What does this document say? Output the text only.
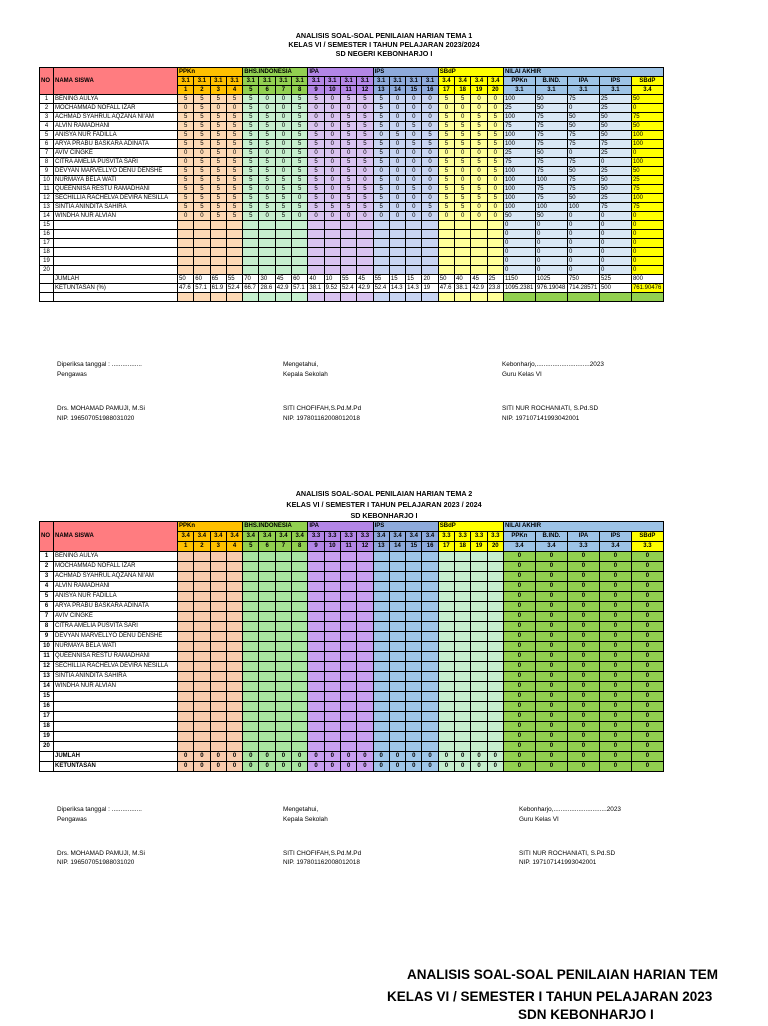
ANALISIS SOAL-SOAL PENILAIAN HARIAN TEMA 1
KELAS VI / SEMESTER I TAHUN PELAJARAN 2023/2024
SD NEGERI KEBONHARJO I
NO	NAMA SISWA	PPKn				BHS.INDONESIA				IPA				IPS				SBdP				NILAI AKHIR				
		3.1	3.1	3.1	3.1	3.1	3.1	3.1	3.1	3.1	3.1	3.1	3.1	3.1	3.1	3.1	3.1	3.4	3.4	3.4	3.4	PPKn	B.IND.	IPA	IPS	SBdP
		1	2	3	4	5	6	7	8	9	10	11	12	13	14	15	16	17	18	19	20	3.1	3.1	3.1	3.1	3.4
1	BENING AULYA	5	5	5	5	5	0	0	5	5	0	5	5	5	0	0	0	5	5	0	0	100	50	75	25	50
2	MOCHAMMAD NOFALL IZAR	0	5	0	0	5	0	0	5	0	0	0	0	5	0	0	0	0	0	0	0	25	50	0	25	0
3	ACHMAD SYAHRUL AQZANA NI'AM	5	5	5	5	5	5	0	5	0	0	5	5	5	0	0	0	5	0	5	5	100	75	50	50	75
4	ALVIN RAMADHANI	5	5	5	5	5	5	0	5	0	0	5	5	5	0	5	0	5	5	5	0	75	75	50	50	50
5	ANISYA NUR FADILLA	5	5	5	5	5	5	0	5	5	0	5	5	0	5	0	5	5	5	5	5	100	75	75	50	100
6	ARYA PRABU BASKARA ADINATA	5	5	5	5	5	5	0	5	5	0	5	5	5	0	5	5	5	5	5	5	100	75	75	75	100
7	AVIV CINGKE	0	0	5	0	5	0	0	5	0	0	0	0	5	0	0	0	0	0	0	0	25	50	0	25	0
8	CITRA AMELIA PUSVITA SARI	0	5	5	5	5	5	0	5	5	0	5	5	5	0	0	0	5	5	5	5	75	75	75	0	100
9	DEVYAN MARVELLYO DENU DENSHE	5	5	5	5	5	5	0	5	5	0	5	0	0	0	0	0	5	0	0	5	100	75	50	25	50
10	NURMAYA BELA WATI	5	5	5	5	5	5	5	5	5	0	5	0	5	0	0	0	5	0	0	0	100	100	75	50	25
11	QUEENNISA RESTU RAMADHANI	5	5	5	5	5	0	5	5	5	0	5	5	5	0	5	0	5	5	5	0	100	75	75	50	75
12	SECHILLIA RACHELVA DEVIRA NESILLA	5	5	5	5	5	5	5	0	5	0	5	5	5	0	0	0	5	5	5	5	100	75	50	25	100
13	SINTIA ANINDITA SAHIRA	5	5	5	5	5	5	5	5	5	5	5	5	5	0	0	5	5	5	0	0	100	100	100	75	75
14	WINDHA NUR ALVIAN	0	0	5	5	5	0	5	0	0	0	0	0	0	0	0	0	0	0	0	0	50	50	0	0	0
15																						0	0	0	0	0
16																						0	0	0	0	0
17																						0	0	0	0	0
18																						0	0	0	0	0
19																						0	0	0	0	0
20																						0	0	0	0	0
	JUMLAH	50	60	65	55	70	30	45	60	40	10	55	45	55	15	15	20	50	40	45	25	1150	1025	750	525	800
	KETUNTASAN (%)	47.6	57.1	61.9	52.4	66.7	28.6	42.9	57.1	38.1	9.52	52.4	42.9	52.4	14.3	14.3	19	47.6	38.1	42.9	23.8	1095.2381	976.19048	714.28571	500	761.90476

Diperiksa tanggal : .................
Pengawas
Drs. MOHAMAD PAMUJI, M.Si
NIP. 196507051988031020
Mengetahui,
Kepala Sekolah
SITI CHOFIFAH,S.Pd.M.Pd
NIP. 197801162008012018
Kebonharjo,..............................2023
Guru Kelas VI
SITI NUR ROCHANIATI, S.Pd.SD
NIP. 197107141993042001
ANALISIS SOAL-SOAL PENILAIAN HARIAN TEMA 2
KELAS VI / SEMESTER I TAHUN PELAJARAN 2023 / 2024
SD KEBONHARJO I
NO	NAMA SISWA	PPKn				BHS.INDONESIA				IPA				IPS				SBdP				NILAI AKHIR				
		3.4	3.4	3.4	3.4	3.4	3.4	3.4	3.4	3.3	3.3	3.3	3.3	3.4	3.4	3.4	3.4	3.3	3.3	3.3	3.3	PPKn	B.IND.	IPA	IPS	SBdP
		1	2	3	4	5	6	7	8	9	10	11	12	13	14	15	16	17	18	19	20	3.4	3.4	3.3	3.4	3.3
1	BENING AULYA																					0	0	0	0	0
2	MOCHAMMAD NOFALL IZAR																					0	0	0	0	0
3	ACHMAD SYAHRUL AQZANA NI'AM																					0	0	0	0	0
4	ALVIN RAMADHANI																					0	0	0	0	0
5	ANISYA NUR FADILLA																					0	0	0	0	0
6	ARYA PRABU BASKARA ADINATA																					0	0	0	0	0
7	AVIV CINGKE																					0	0	0	0	0
8	CITRA AMELIA PUSVITA SARI																					0	0	0	0	0
9	DEVYAN MARVELLYO DENU DENSHE																					0	0	0	0	0
10	NURMAYA BELA WATI																					0	0	0	0	0
11	QUEENNISA RESTU RAMADHANI																					0	0	0	0	0
12	SECHILLIA RACHELVA DEVIRA NESILLA																					0	0	0	0	0
13	SINTIA ANINDITA SAHIRA																					0	0	0	0	0
14	WINDHA NUR ALVIAN																					0	0	0	0	0
15																						0	0	0	0	0
16																						0	0	0	0	0
17																						0	0	0	0	0
18																						0	0	0	0	0
19																						0	0	0	0	0
20																						0	0	0	0	0
	JUMLAH	0	0	0	0	0	0	0	0	0	0	0	0	0	0	0	0	0	0	0	0	0	0	0	0	0
	KETUNTASAN	0	0	0	0	0	0	0	0	0	0	0	0	0	0	0	0	0	0	0	0	0	0	0	0	0
Diperiksa tanggal : .................
Pengawas
Drs. MOHAMAD PAMUJI, M.Si
NIP. 196507051988031020
Mengetahui,
Kepala Sekolah
SITI CHOFIFAH,S.Pd.M.Pd
NIP. 197801162008012018
Kebonharjo,..............................2023
Guru Kelas VI
SITI NUR ROCHANIATI, S.Pd.SD
NIP. 197107141993042001
ANALISIS SOAL-SOAL PENILAIAN HARIAN TEM
KELAS VI / SEMESTER I TAHUN PELAJARAN 2023
SDN KEBONHARJO I
